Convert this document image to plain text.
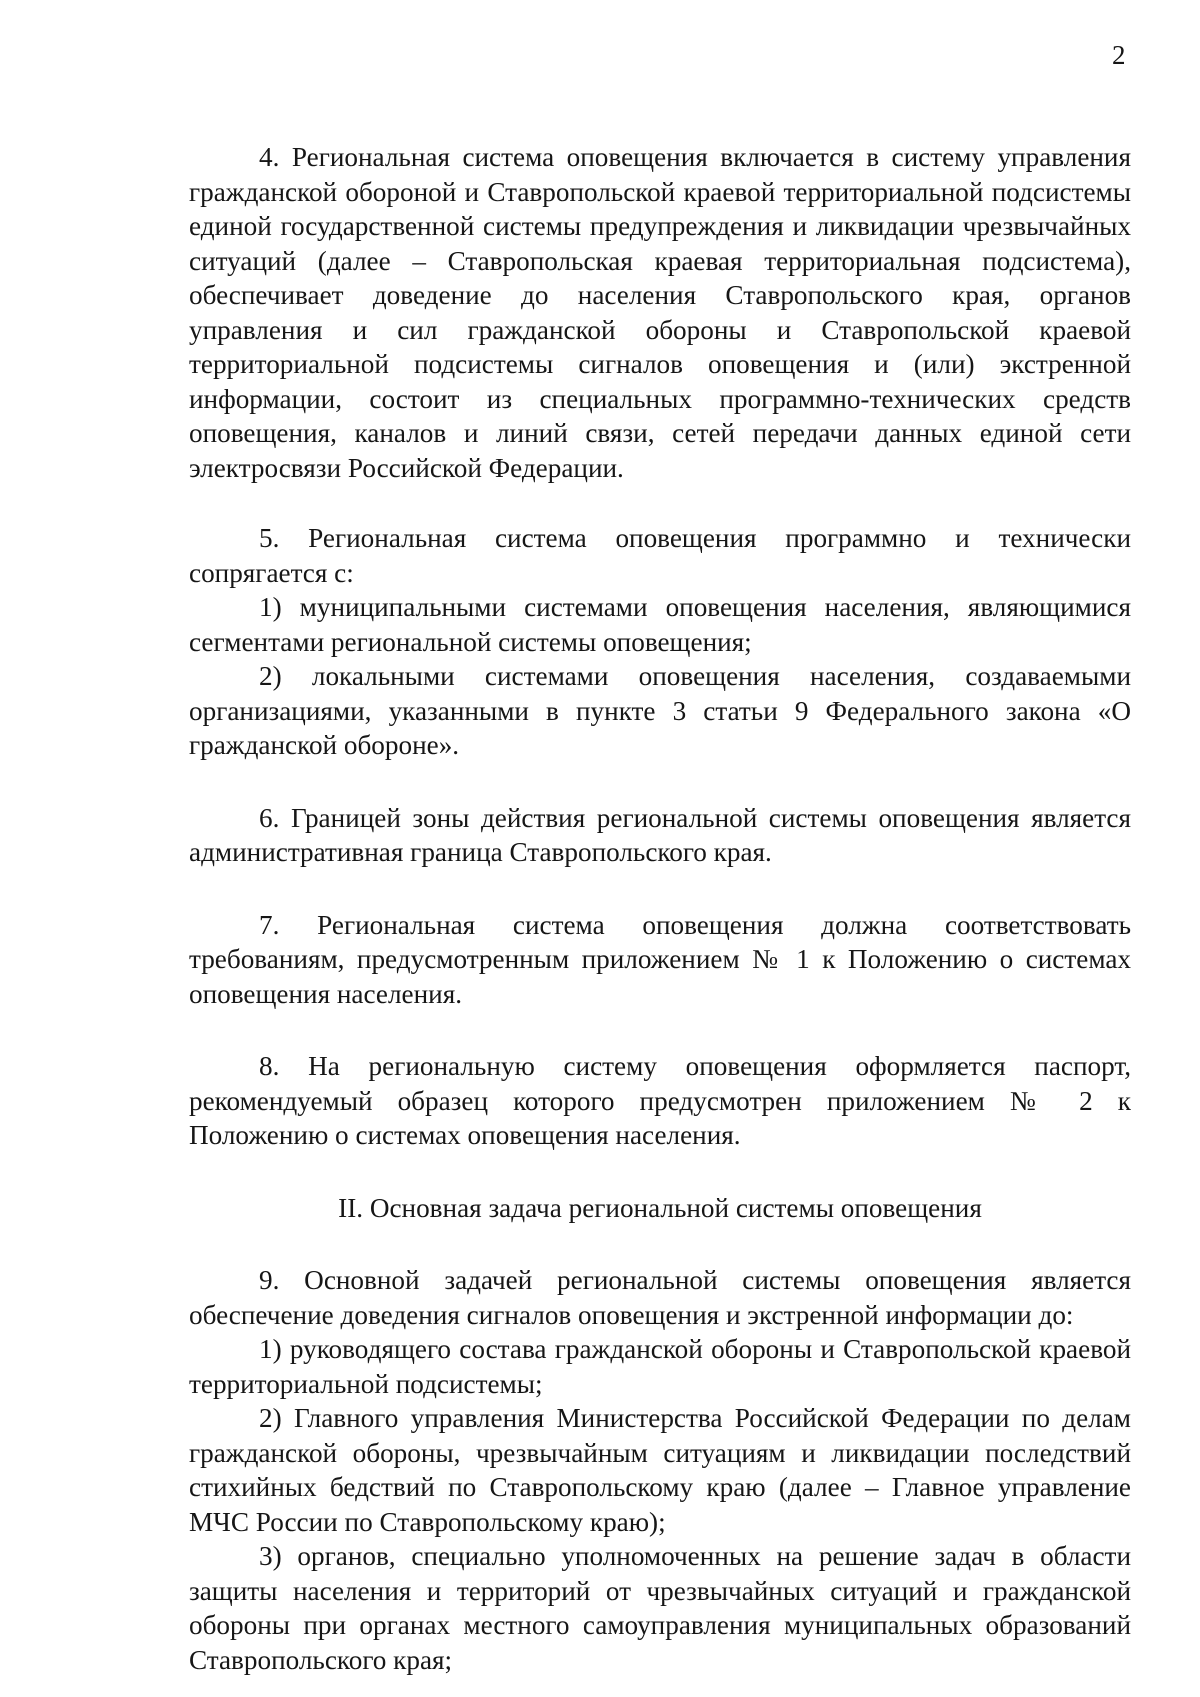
2

4. Региональная система оповещения включается в систему управления гражданской обороной и Ставропольской краевой территориальной подсистемы единой государственной системы предупреждения и ликвидации чрезвычайных ситуаций (далее – Ставропольская краевая территориальная подсистема), обеспечивает доведение до населения Ставропольского края, органов управления и сил гражданской обороны и Ставропольской краевой территориальной подсистемы сигналов оповещения и (или) экстренной информации, состоит из специальных программно-технических средств оповещения, каналов и линий связи, сетей передачи данных единой сети электросвязи Российской Федерации.

5. Региональная система оповещения программно и технически сопрягается с:

1) муниципальными системами оповещения населения, являющимися сегментами региональной системы оповещения;

2) локальными системами оповещения населения, создаваемыми организациями, указанными в пункте 3 статьи 9 Федерального закона «О гражданской обороне».

6. Границей зоны действия региональной системы оповещения является административная граница Ставропольского края.

7. Региональная система оповещения должна соответствовать требованиям, предусмотренным приложением № 1 к Положению о системах оповещения населения.

8. На региональную систему оповещения оформляется паспорт, рекомендуемый образец которого предусмотрен приложением № 2 к Положению о системах оповещения населения.

II. Основная задача региональной системы оповещения

9. Основной задачей региональной системы оповещения является обеспечение доведения сигналов оповещения и экстренной информации до:

1) руководящего состава гражданской обороны и Ставропольской краевой территориальной подсистемы;

2) Главного управления Министерства Российской Федерации по делам гражданской обороны, чрезвычайным ситуациям и ликвидации последствий стихийных бедствий по Ставропольскому краю (далее – Главное управление МЧС России по Ставропольскому краю);

3) органов, специально уполномоченных на решение задач в области защиты населения и территорий от чрезвычайных ситуаций и гражданской обороны при органах местного самоуправления муниципальных образований Ставропольского края;
